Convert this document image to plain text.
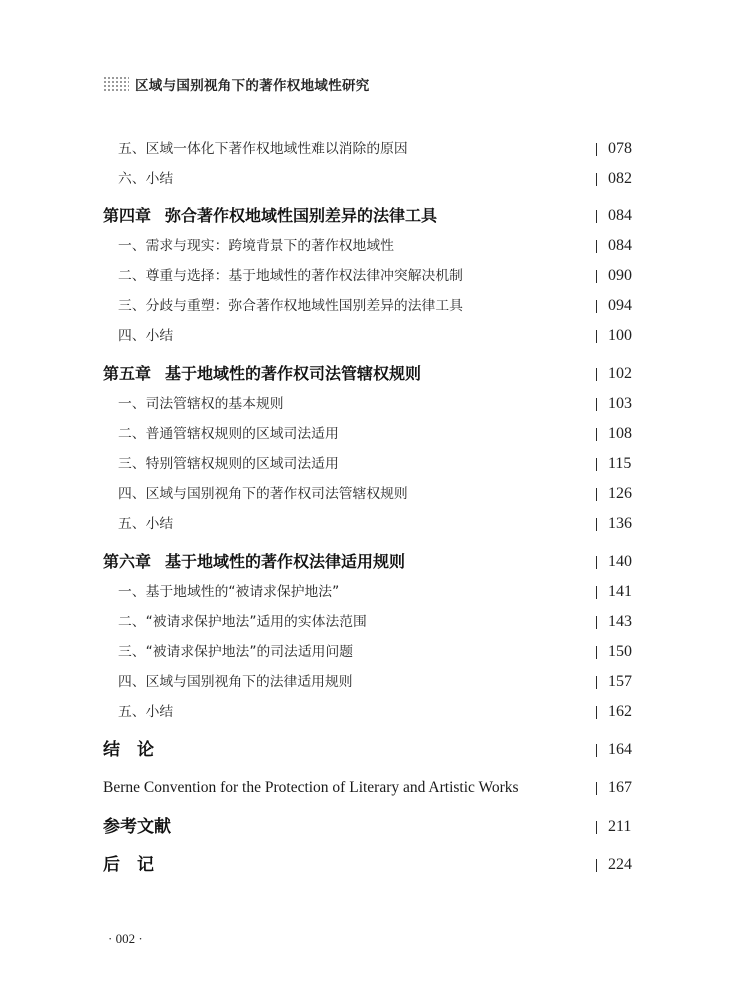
区域与国别视角下的著作权地域性研究
五、区域一体化下著作权地域性难以消除的原因	078
六、小结	082
第四章 弥合著作权地域性国别差异的法律工具	084
一、需求与现实：跨境背景下的著作权地域性	084
二、尊重与选择：基于地域性的著作权法律冲突解决机制	090
三、分歧与重塑：弥合著作权地域性国别差异的法律工具	094
四、小结	100
第五章 基于地域性的著作权司法管辖权规则	102
一、司法管辖权的基本规则	103
二、普通管辖权规则的区域司法适用	108
三、特别管辖权规则的区域司法适用	115
四、区域与国别视角下的著作权司法管辖权规则	126
五、小结	136
第六章 基于地域性的著作权法律适用规则	140
一、基于地域性的“被请求保护地法”	141
二、“被请求保护地法”适用的实体法范围	143
三、“被请求保护地法”的司法适用问题	150
四、区域与国别视角下的法律适用规则	157
五、小结	162
结论	164
Berne Convention for the Protection of Literary and Artistic Works	167
参考文献	211
后记	224
· 002 ·
